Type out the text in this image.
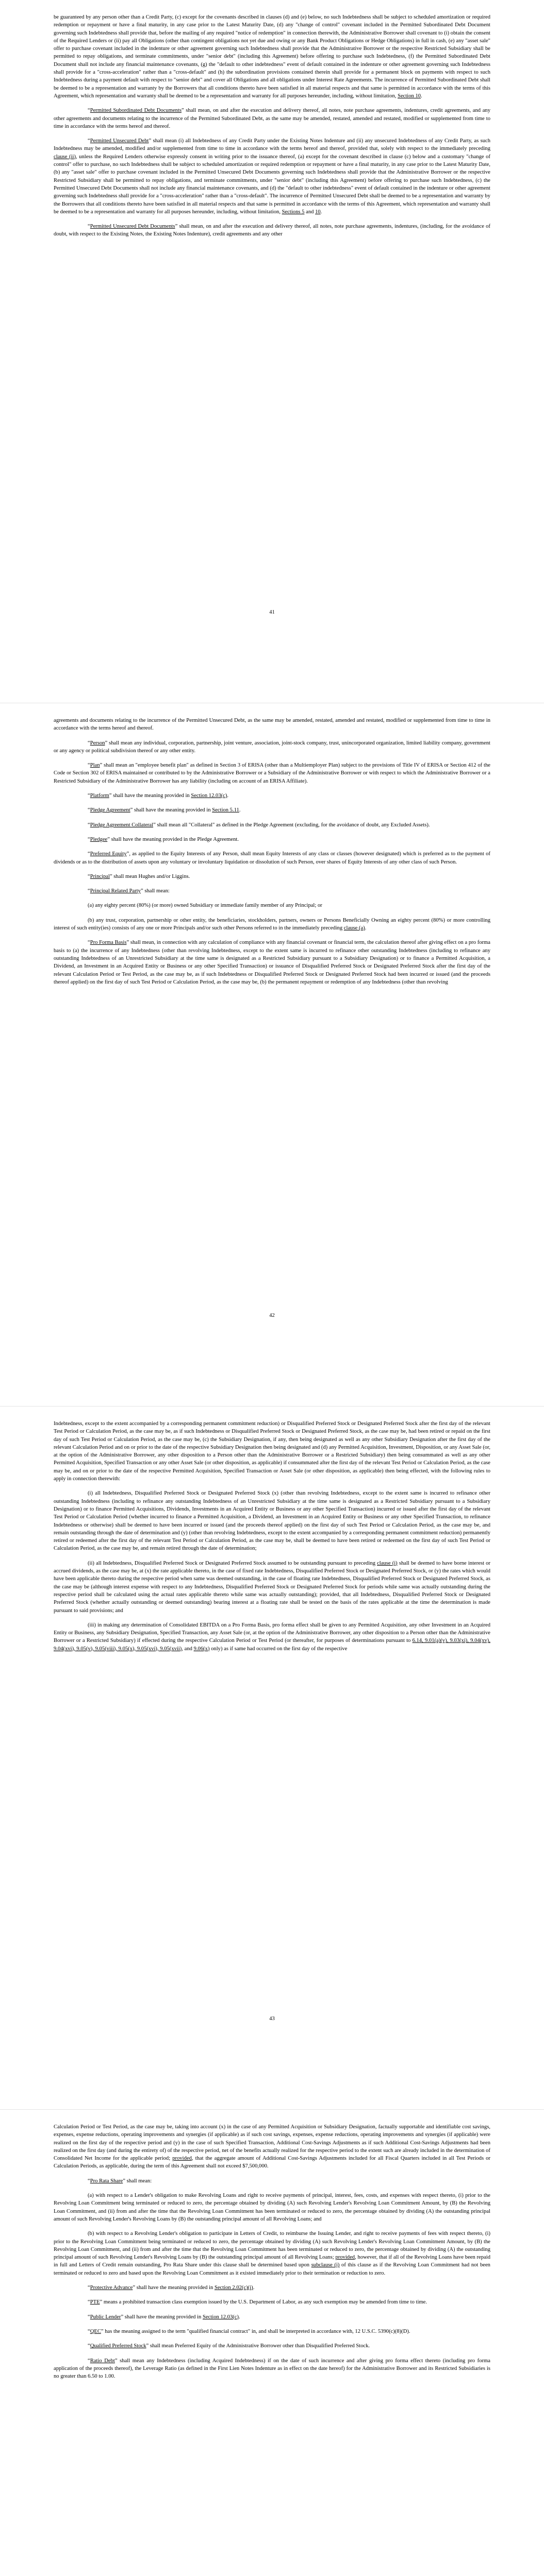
be guaranteed by any person other than a Credit Party, (c) except for the covenants described in clauses (d) and (e) below, no such Indebtedness shall be subject to scheduled amortization or required redemption or repayment or have a final maturity, in any case prior to the Latest Maturity Date, (d) any "change of control" covenant included in the Permitted Subordinated Debt Document governing such Indebtedness shall provide that, before the mailing of any required "notice of redemption" in connection therewith, the Administrative Borrower shall covenant to (i) obtain the consent of the Required Lenders or (ii) pay all Obligations (other than contingent obligations not yet due and owing or any Bank Product Obligations or Hedge Obligations) in full in cash, (e) any "asset sale" offer to purchase covenant included in the indenture or other agreement governing such Indebtedness shall provide that the Administrative Borrower or the respective Restricted Subsidiary shall be permitted to repay obligations, and terminate commitments, under "senior debt" (including this Agreement) before offering to purchase such Indebtedness, (f) the Permitted Subordinated Debt Document shall not include any financial maintenance covenants, (g) the "default to other indebtedness" event of default contained in the indenture or other agreement governing such Indebtedness shall provide for a "cross-acceleration" rather than a "cross-default" and (h) the subordination provisions contained therein shall provide for a permanent block on payments with respect to such Indebtedness during a payment default with respect to "senior debt" and cover all Obligations and all obligations under Interest Rate Agreements. The incurrence of Permitted Subordinated Debt shall be deemed to be a representation and warranty by the Borrowers that all conditions thereto have been satisfied in all material respects and that same is permitted in accordance with the terms of this Agreement, which representation and warranty shall be deemed to be a representation and warranty for all purposes hereunder, including, without limitation, Section 10.

“Permitted Subordinated Debt Documents” shall mean, on and after the execution and delivery thereof, all notes, note purchase agreements, indentures, credit agreements, and any other agreements and documents relating to the incurrence of the Permitted Subordinated Debt, as the same may be amended, restated, amended and restated, modified or supplemented from time to time in accordance with the terms hereof and thereof.

“Permitted Unsecured Debt” shall mean (i) all Indebtedness of any Credit Party under the Existing Notes Indenture and (ii) any unsecured Indebtedness of any Credit Party, as such Indebtedness may be amended, modified and/or supplemented from time to time in accordance with the terms hereof and thereof, provided that, solely with respect to the immediately preceding clause (ii), unless the Required Lenders otherwise expressly consent in writing prior to the issuance thereof, (a) except for the covenant described in clause (c) below and a customary "change of control" offer to purchase, no such Indebtedness shall be subject to scheduled amortization or required redemption or repayment or have a final maturity, in any case prior to the Latest Maturity Date, (b) any "asset sale" offer to purchase covenant included in the Permitted Unsecured Debt Documents governing such Indebtedness shall provide that the Administrative Borrower or the respective Restricted Subsidiary shall be permitted to repay obligations, and terminate commitments, under "senior debt" (including this Agreement) before offering to purchase such Indebtedness, (c) the Permitted Unsecured Debt Documents shall not include any financial maintenance covenants, and (d) the "default to other indebtedness" event of default contained in the indenture or other agreement governing such Indebtedness shall provide for a "cross-acceleration" rather than a "cross-default". The incurrence of Permitted Unsecured Debt shall be deemed to be a representation and warranty by the Borrowers that all conditions thereto have been satisfied in all material respects and that same is permitted in accordance with the terms of this Agreement, which representation and warranty shall be deemed to be a representation and warranty for all purposes hereunder, including, without limitation, Sections 5 and 10.

“Permitted Unsecured Debt Documents” shall mean, on and after the execution and delivery thereof, all notes, note purchase agreements, indentures, (including, for the avoidance of doubt, with respect to the Existing Notes, the Existing Notes Indenture), credit agreements and any other

41

agreements and documents relating to the incurrence of the Permitted Unsecured Debt, as the same may be amended, restated, amended and restated, modified or supplemented from time to time in accordance with the terms hereof and thereof.

“Person” shall mean any individual, corporation, partnership, joint venture, association, joint-stock company, trust, unincorporated organization, limited liability company, government or any agency or political subdivision thereof or any other entity.

“Plan” shall mean an "employee benefit plan" as defined in Section 3 of ERISA (other than a Multiemployer Plan) subject to the provisions of Title IV of ERISA or Section 412 of the Code or Section 302 of ERISA maintained or contributed to by the Administrative Borrower or a Subsidiary of the Administrative Borrower or with respect to which the Administrative Borrower or a Restricted Subsidiary of the Administrative Borrower has any liability (including on account of an ERISA Affiliate).

“Platform” shall have the meaning provided in Section 12.03(c).

“Pledge Agreement” shall have the meaning provided in Section 5.11.

“Pledge Agreement Collateral” shall mean all "Collateral" as defined in the Pledge Agreement (excluding, for the avoidance of doubt, any Excluded Assets).

“Pledgee” shall have the meaning provided in the Pledge Agreement.

“Preferred Equity”, as applied to the Equity Interests of any Person, shall mean Equity Interests of any class or classes (however designated) which is preferred as to the payment of dividends or as to the distribution of assets upon any voluntary or involuntary liquidation or dissolution of such Person, over shares of Equity Interests of any other class of such Person.

“Principal” shall mean Hughes and/or Liggins.

“Principal Related Party” shall mean:

(a) any eighty percent (80%) (or more) owned Subsidiary or immediate family member of any Principal; or

(b) any trust, corporation, partnership or other entity, the beneficiaries, stockholders, partners, owners or Persons Beneficially Owning an eighty percent (80%) or more controlling interest of such entity(ies) consists of any one or more Principals and/or such other Persons referred to in the immediately preceding clause (a).

“Pro Forma Basis” shall mean, in connection with any calculation of compliance with any financial covenant or financial term, the calculation thereof after giving effect on a pro forma basis to (a) the incurrence of any Indebtedness (other than revolving Indebtedness, except to the extent same is incurred to refinance other outstanding Indebtedness (including to refinance any outstanding Indebtedness of an Unrestricted Subsidiary at the time same is designated as a Restricted Subsidiary pursuant to a Subsidiary Designation) or to finance a Permitted Acquisition, a Dividend, an Investment in an Acquired Entity or Business or any other Specified Transaction) or issuance of Disqualified Preferred Stock or Designated Preferred Stock after the first day of the relevant Calculation Period or Test Period, as the case may be, as if such Indebtedness or Disqualified Preferred Stock or Designated Preferred Stock had been incurred or issued (and the proceeds thereof applied) on the first day of such Test Period or Calculation Period, as the case may be, (b) the permanent repayment or redemption of any Indebtedness (other than revolving

42

Indebtedness, except to the extent accompanied by a corresponding permanent commitment reduction) or Disqualified Preferred Stock or Designated Preferred Stock after the first day of the relevant Test Period or Calculation Period, as the case may be, as if such Indebtedness or Disqualified Preferred Stock or Designated Preferred Stock, as the case may be, had been retired or repaid on the first day of such Test Period or Calculation Period, as the case may be, (c) the Subsidiary Designation, if any, then being designated as well as any other Subsidiary Designation after the first day of the relevant Calculation Period and on or prior to the date of the respective Subsidiary Designation then being designated and (d) any Permitted Acquisition, Investment, Disposition, or any Asset Sale (or, at the option of the Administrative Borrower, any other disposition to a Person other than the Administrative Borrower or a Restricted Subsidiary) then being consummated as well as any other Permitted Acquisition, Specified Transaction or any other Asset Sale (or other disposition, as applicable) if consummated after the first day of the relevant Test Period or Calculation Period, as the case may be, and on or prior to the date of the respective Permitted Acquisition, Specified Transaction or Asset Sale (or other disposition, as applicable) then being effected, with the following rules to apply in connection therewith:

(i) all Indebtedness, Disqualified Preferred Stock or Designated Preferred Stock (x) (other than revolving Indebtedness, except to the extent same is incurred to refinance other outstanding Indebtedness (including to refinance any outstanding Indebtedness of an Unrestricted Subsidiary at the time same is designated as a Restricted Subsidiary pursuant to a Subsidiary Designation) or to finance Permitted Acquisitions, Dividends, Investments in an Acquired Entity or Business or any other Specified Transaction) incurred or issued after the first day of the relevant Test Period or Calculation Period (whether incurred to finance a Permitted Acquisition, a Dividend, an Investment in an Acquired Entity or Business or any other Specified Transaction, to refinance Indebtedness or otherwise) shall be deemed to have been incurred or issued (and the proceeds thereof applied) on the first day of such Test Period or Calculation Period, as the case may be, and remain outstanding through the date of determination and (y) (other than revolving Indebtedness, except to the extent accompanied by a corresponding permanent commitment reduction) permanently retired or redeemed after the first day of the relevant Test Period or Calculation Period, as the case may be, shall be deemed to have been retired or redeemed on the first day of such Test Period or Calculation Period, as the case may be, and remain retired through the date of determination;

(ii) all Indebtedness, Disqualified Preferred Stock or Designated Preferred Stock assumed to be outstanding pursuant to preceding clause (i) shall be deemed to have borne interest or accrued dividends, as the case may be, at (x) the rate applicable thereto, in the case of fixed rate Indebtedness, Disqualified Preferred Stock or Designated Preferred Stock, or (y) the rates which would have been applicable thereto during the respective period when same was deemed outstanding, in the case of floating rate Indebtedness, Disqualified Preferred Stock or Designated Preferred Stock, as the case may be (although interest expense with respect to any Indebtedness, Disqualified Preferred Stock or Designated Preferred Stock for periods while same was actually outstanding during the respective period shall be calculated using the actual rates applicable thereto while same was actually outstanding); provided, that all Indebtedness, Disqualified Preferred Stock or Designated Preferred Stock (whether actually outstanding or deemed outstanding) bearing interest at a floating rate shall be tested on the basis of the rates applicable at the time the determination is made pursuant to said provisions; and

(iii) in making any determination of Consolidated EBITDA on a Pro Forma Basis, pro forma effect shall be given to any Permitted Acquisition, any other Investment in an Acquired Entity or Business, any Subsidiary Designation, Specified Transaction, any Asset Sale (or, at the option of the Administrative Borrower, any other disposition to a Person other than the Administrative Borrower or a Restricted Subsidiary) if effected during the respective Calculation Period or Test Period (or thereafter, for purposes of determinations pursuant to 6.14, 9.01(a)(v), 9.03(xi), 9.04(xv), 9.04(xvi), 9.05(v), 9.05(viii), 9.05(x), 9.05(xvi), 9.05(xvii), and 9.06(x) only) as if same had occurred on the first day of the respective

43

Calculation Period or Test Period, as the case may be, taking into account (x) in the case of any Permitted Acquisition or Subsidiary Designation, factually supportable and identifiable cost savings, expenses, expense reductions, operating improvements and synergies (if applicable) as if such cost savings, expenses, expense reductions, operating improvements and synergies (if applicable) were realized on the first day of the respective period and (y) in the case of such Specified Transaction, Additional Cost-Savings Adjustments as if such Additional Cost-Savings Adjustments had been realized on the first day (and during the entirety of) of the respective period, net of the benefits actually realized for the respective period to the extent such are already included in the determination of Consolidated Net Income for the applicable period; provided, that the aggregate amount of Additional Cost-Savings Adjustments included for all Fiscal Quarters included in all Test Periods or Calculation Periods, as applicable, during the term of this Agreement shall not exceed $7,500,000.

“Pro Rata Share” shall mean:

(a) with respect to a Lender's obligation to make Revolving Loans and right to receive payments of principal, interest, fees, costs, and expenses with respect thereto, (i) prior to the Revolving Loan Commitment being terminated or reduced to zero, the percentage obtained by dividing (A) such Revolving Lender's Revolving Loan Commitment Amount, by (B) the Revolving Loan Commitment, and (ii) from and after the time that the Revolving Loan Commitment has been terminated or reduced to zero, the percentage obtained by dividing (A) the outstanding principal amount of such Revolving Lender's Revolving Loans by (B) the outstanding principal amount of all Revolving Loans; and

(b) with respect to a Revolving Lender's obligation to participate in Letters of Credit, to reimburse the Issuing Lender, and right to receive payments of fees with respect thereto, (i) prior to the Revolving Loan Commitment being terminated or reduced to zero, the percentage obtained by dividing (A) such Revolving Lender's Revolving Loan Commitment Amount, by (B) the Revolving Loan Commitment, and (ii) from and after the time that the Revolving Loan Commitment has been terminated or reduced to zero, the percentage obtained by dividing (A) the outstanding principal amount of such Revolving Lender's Revolving Loans by (B) the outstanding principal amount of all Revolving Loans; provided, however, that if all of the Revolving Loans have been repaid in full and Letters of Credit remain outstanding, Pro Rata Share under this clause shall be determined based upon subclause (i) of this clause as if the Revolving Loan Commitment had not been terminated or reduced to zero and based upon the Revolving Loan Commitment as it existed immediately prior to their termination or reduction to zero.

“Protective Advance” shall have the meaning provided in Section 2.02(c)(i).

“PTE” means a prohibited transaction class exemption issued by the U.S. Department of Labor, as any such exemption may be amended from time to time.

“Public Lender” shall have the meaning provided in Section 12.03(c).

“QEC” has the meaning assigned to the term "qualified financial contract" in, and shall be interpreted in accordance with, 12 U.S.C. 5390(c)(8)(D).

“Qualified Preferred Stock” shall mean Preferred Equity of the Administrative Borrower other than Disqualified Preferred Stock.

“Ratio Debt” shall mean any Indebtedness (including Acquired Indebtedness) if on the date of such incurrence and after giving pro forma effect thereto (including pro forma application of the proceeds thereof), the Leverage Ratio (as defined in the First Lien Notes Indenture as in effect on the date hereof) for the Administrative Borrower and its Restricted Subsidiaries is no greater than 6.50 to 1.00.
